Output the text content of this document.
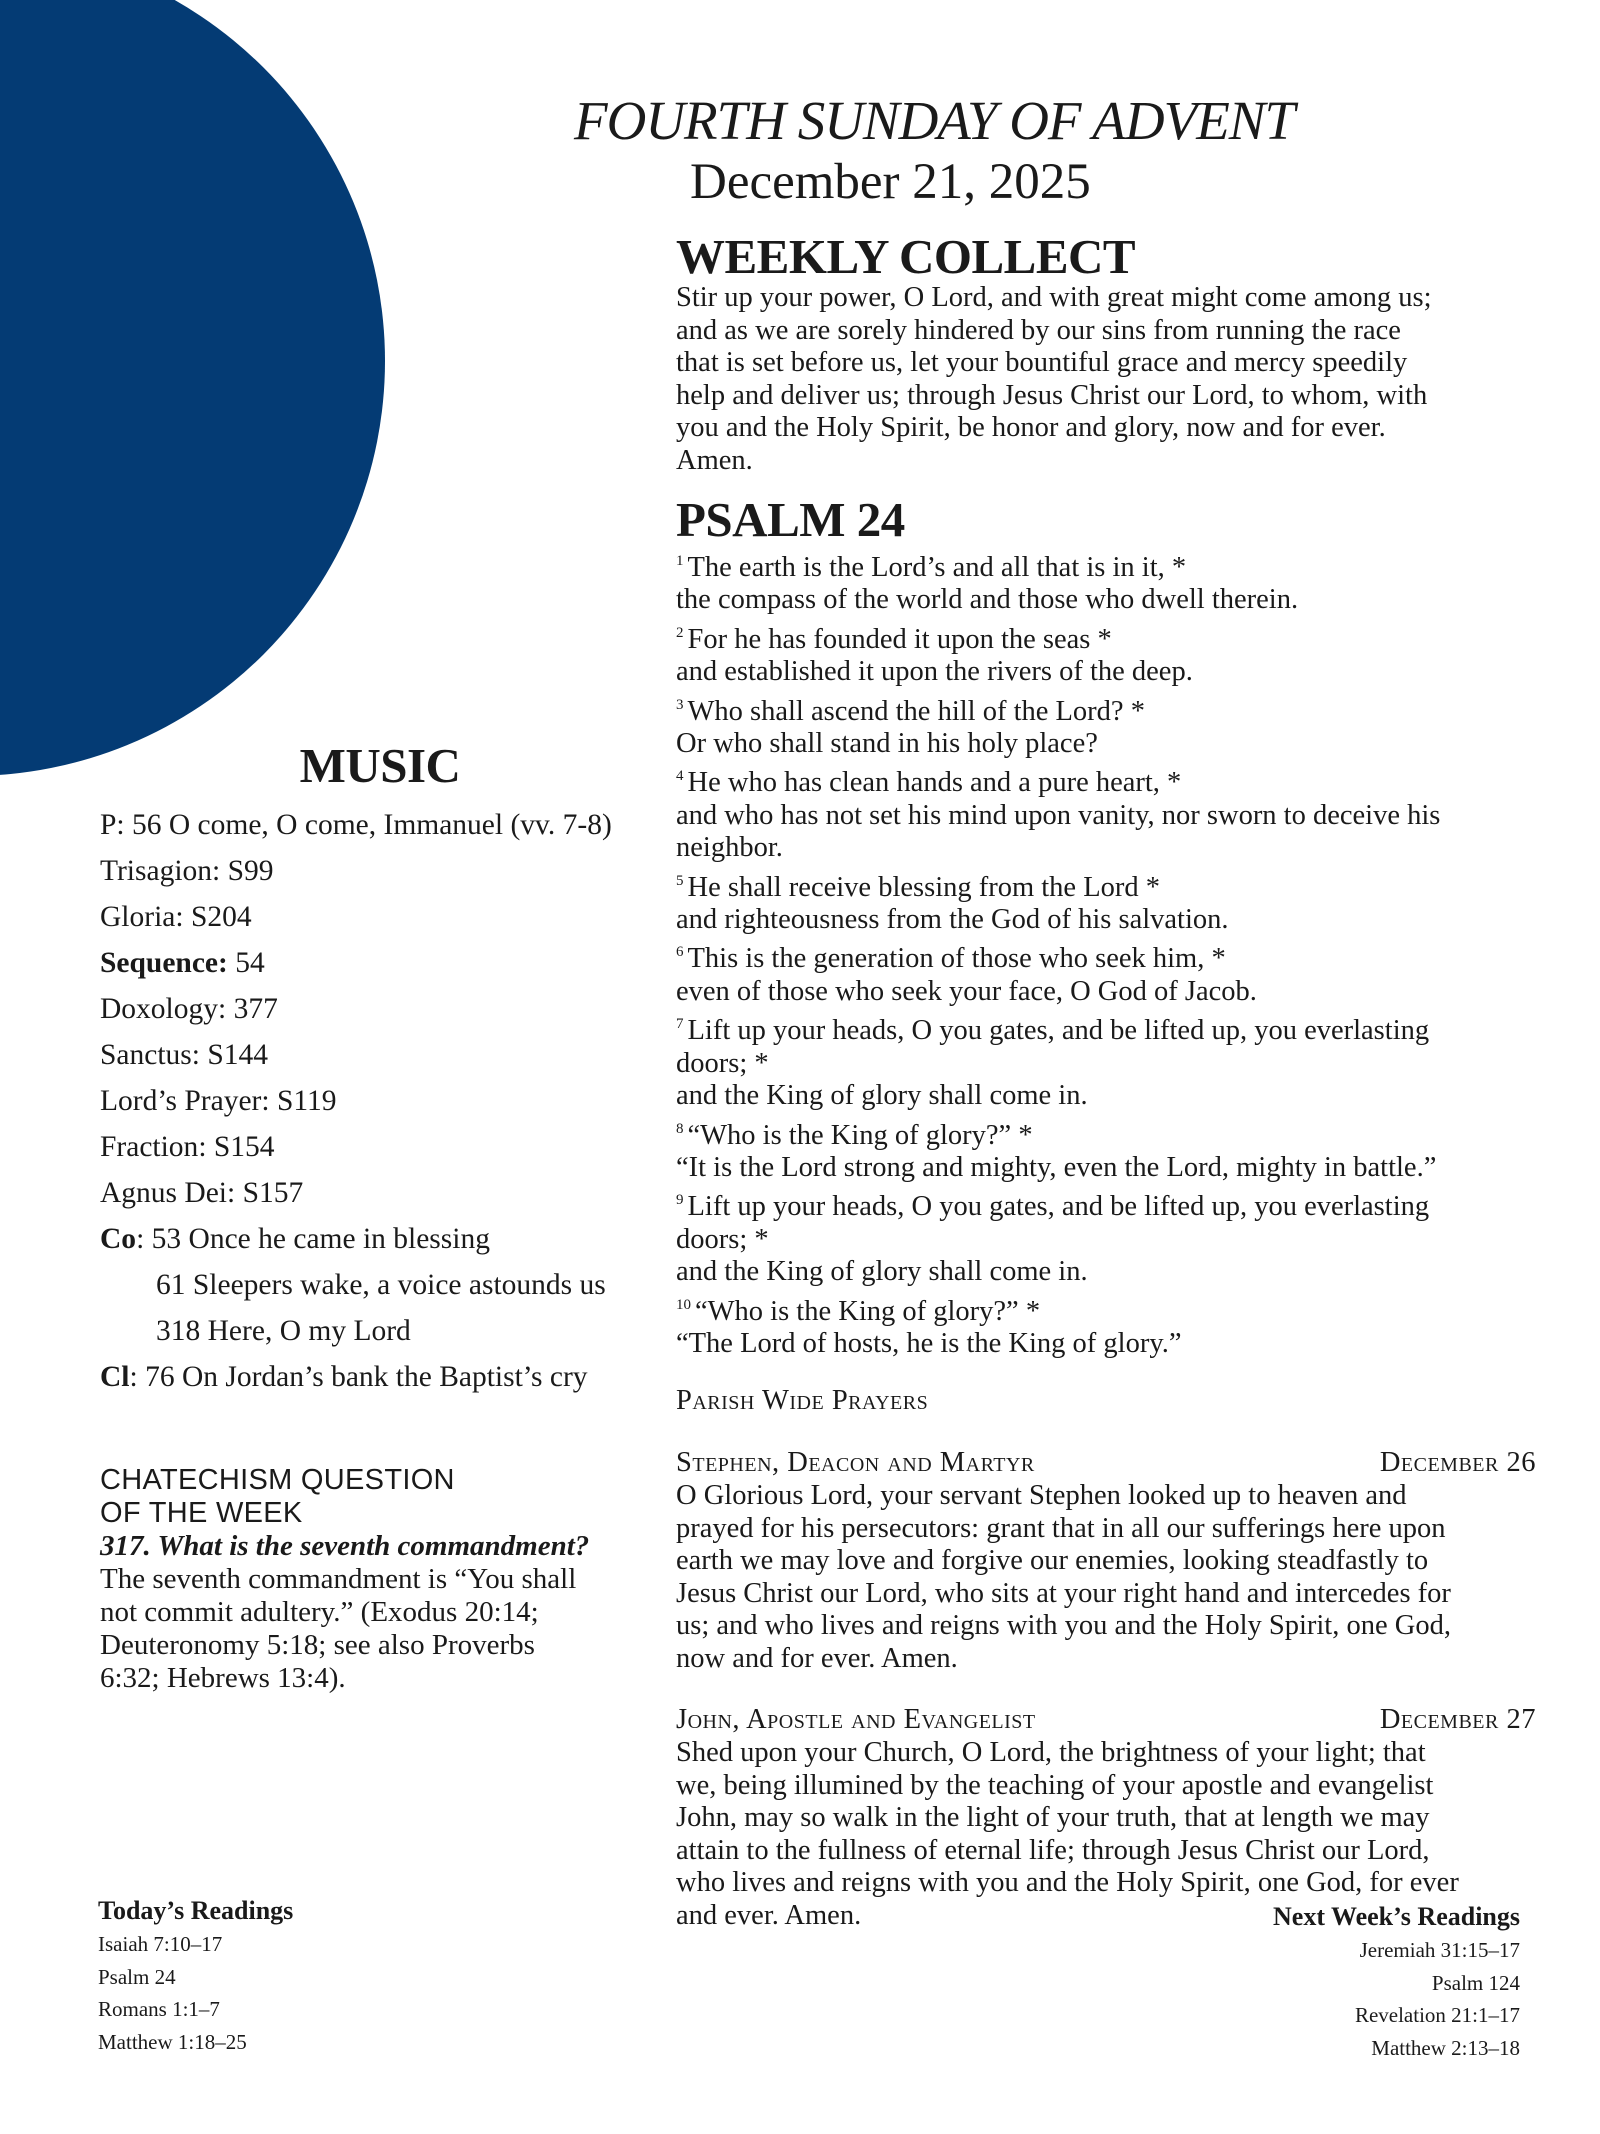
FOURTH SUNDAY OF ADVENT
December 21, 2025
WEEKLY COLLECT
Stir up your power, O Lord, and with great might come among us;
and as we are sorely hindered by our sins from running the race
that is set before us, let your bountiful grace and mercy speedily
help and deliver us; through Jesus Christ our Lord, to whom, with
you and the Holy Spirit, be honor and glory, now and for ever.
Amen.
PSALM 24
$^1$ The earth is the Lord’s and all that is in it, *
the compass of the world and those who dwell therein.
$^2$ For he has founded it upon the seas *
and established it upon the rivers of the deep.
$^3$ Who shall ascend the hill of the Lord? *
Or who shall stand in his holy place?
$^4$ He who has clean hands and a pure heart, *
and who has not set his mind upon vanity, nor sworn to deceive his
neighbor.
$^5$ He shall receive blessing from the Lord *
and righteousness from the God of his salvation.
$^6$ This is the generation of those who seek him, *
even of those who seek your face, O God of Jacob.
$^7$ Lift up your heads, O you gates, and be lifted up, you everlasting
doors; *
and the King of glory shall come in.
$^8$ “Who is the King of glory?” *
“It is the Lord strong and mighty, even the Lord, mighty in battle.”
$^9$ Lift up your heads, O you gates, and be lifted up, you everlasting
doors; *
and the King of glory shall come in.
$^{10}$ “Who is the King of glory?” *
“The Lord of hosts, he is the King of glory.”
Parish Wide Prayers
Stephen, Deacon and Martyr	December 26
O Glorious Lord, your servant Stephen looked up to heaven and
prayed for his persecutors: grant that in all our sufferings here upon
earth we may love and forgive our enemies, looking steadfastly to
Jesus Christ our Lord, who sits at your right hand and intercedes for
us; and who lives and reigns with you and the Holy Spirit, one God,
now and for ever. Amen.
John, Apostle and Evangelist	December 27
Shed upon your Church, O Lord, the brightness of your light; that
we, being illumined by the teaching of your apostle and evangelist
John, may so walk in the light of your truth, that at length we may
attain to the fullness of eternal life; through Jesus Christ our Lord,
who lives and reigns with you and the Holy Spirit, one God, for ever
and ever. Amen.
MUSIC
P: 56 O come, O come, Immanuel (vv. 7-8)
Trisagion: S99
Gloria: S204
Sequence: 54
Doxology: 377
Sanctus: S144
Lord’s Prayer: S119
Fraction: S154
Agnus Dei: S157
Co: 53 Once he came in blessing
61 Sleepers wake, a voice astounds us
318 Here, O my Lord
Cl: 76 On Jordan’s bank the Baptist’s cry
CHATECHISM QUESTION
OF THE WEEK
317. What is the seventh commandment?
The seventh commandment is “You shall
not commit adultery.” (Exodus 20:14;
Deuteronomy 5:18; see also Proverbs
6:32; Hebrews 13:4).
Today’s Readings
Isaiah 7:10–17
Psalm 24
Romans 1:1–7
Matthew 1:18–25
Next Week’s Readings
Jeremiah 31:15–17
Psalm 124
Revelation 21:1–17
Matthew 2:13–18
